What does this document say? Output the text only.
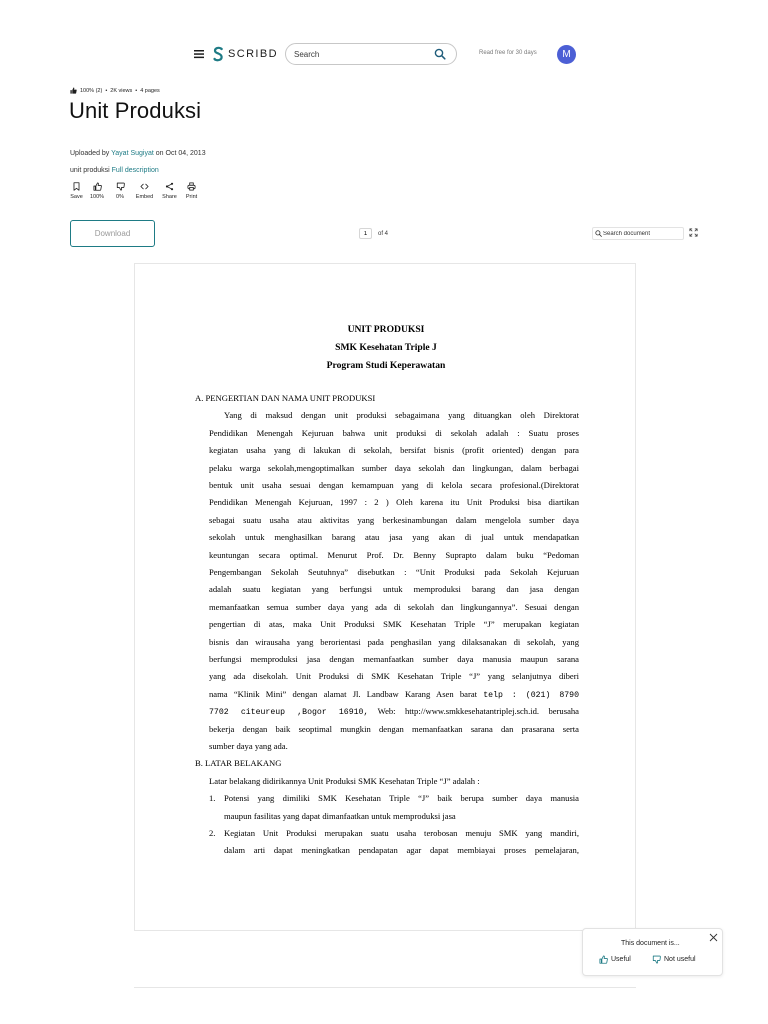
SCRIBD
Search	Read free for 30 days	M
100% (2) • 2K views • 4 pages
Unit Produksi
Uploaded by Yayat Sugiyat on Oct 04, 2013
unit produksi Full description
Save 100% 0% Embed Share Print
Download
1	of 4
Search document
UNIT PRODUKSI
SMK Kesehatan Triple J
Program Studi Keperawatan
A. PENGERTIAN DAN NAMA UNIT PRODUKSI
Yang di maksud dengan unit produksi sebagaimana yang dituangkan oleh Direktorat
Pendidikan Menengah Kejuruan bahwa unit produksi di sekolah adalah : Suatu proses
kegiatan usaha yang di lakukan di sekolah, bersifat bisnis (profit oriented) dengan para
pelaku warga sekolah,mengoptimalkan sumber daya sekolah dan lingkungan, dalam berbagai
bentuk unit usaha sesuai dengan kemampuan yang di kelola secara profesional.(Direktorat
Pendidikan Menengah Kejuruan, 1997 : 2 ) Oleh karena itu Unit Produksi bisa diartikan
sebagai suatu usaha atau aktivitas yang berkesinambungan dalam mengelola sumber daya
sekolah untuk menghasilkan barang atau jasa yang akan di jual untuk mendapatkan
keuntungan secara optimal. Menurut Prof. Dr. Benny Suprapto dalam buku “Pedoman
Pengembangan Sekolah Seutuhnya” disebutkan : “Unit Produksi pada Sekolah Kejuruan
adalah suatu kegiatan yang berfungsi untuk memproduksi barang dan jasa dengan
memanfaatkan semua sumber daya yang ada di sekolah dan lingkungannya”. Sesuai dengan
pengertian di atas, maka Unit Produksi SMK Kesehatan Triple “J” merupakan kegiatan
bisnis dan wirausaha yang berorientasi pada penghasilan yang dilaksanakan di sekolah, yang
berfungsi memproduksi jasa dengan memanfaatkan sumber daya manusia maupun sarana
yang ada disekolah. Unit Produksi di SMK Kesehatan Triple “J” yang selanjutnya diberi
nama “Klinik Mini” dengan alamat Jl. Landbaw Karang Asen barat telp : (021) 8790
7702 citeureup ,Bogor 16910, Web: http://www.smkkesehatantriplej.sch.id. berusaha
bekerja dengan baik seoptimal mungkin dengan memanfaatkan sarana dan prasarana serta
sumber daya yang ada.
B. LATAR BELAKANG
Latar belakang didirikannya Unit Produksi SMK Kesehatan Triple “J” adalah :
1. Potensi yang dimiliki SMK Kesehatan Triple “J” baik berupa sumber daya manusia
maupun fasilitas yang dapat dimanfaatkan untuk memproduksi jasa
2. Kegiatan Unit Produksi merupakan suatu usaha terobosan menuju SMK yang mandiri,
dalam arti dapat meningkatkan pendapatan agar dapat membiayai proses pemelajaran,
This document is...
Useful	Not useful
